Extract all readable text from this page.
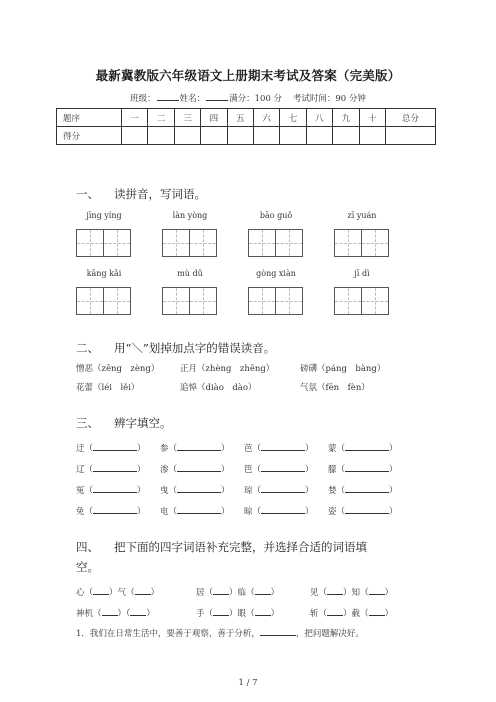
最新冀教版六年级语文上册期末考试及答案（完美版）
班级：	姓名：	满分：100 分 考试时间：90 分钟
题序	一	二	三	四	五	六	七	八	九	十	总分
得分											
一、 读拼音，写词语。
jīng yíng	làn yòng	bāo guǒ	zī yuán
kāng kǎi	mù dǔ	gòng xiàn	jī dì
二、 用“＼”划掉加点字的错误读音。
憎恶（zēng　zèng） 正月（zhèng　zhēng）	磅礴（páng　bàng）
花蕾（léi　lěi）	追悼（diào　dào）	气氛（fēn　fèn）
三、 辨字填空。
迂（	） 参（	） 芭（	） 蒙（	）
辽（	） 渗（	） 笆（	） 朦（	）
冤（	） 曳（	） 琼（	） 婪（	）
免（	） 电（	） 晾（	） 姿（	）
四、 把下面的四字词语补充完整，并选择合适的词语填
空。
心（ ）气（ ）	居（ ）临（ ）	见（ ）知（ ）
神机（ ）（ ）	手（ ）眼（ ）	斩（ ）截（ ）
1．我们在日常生活中，要善于观察，善于分析，	，把问题解决好。
1 / 7
